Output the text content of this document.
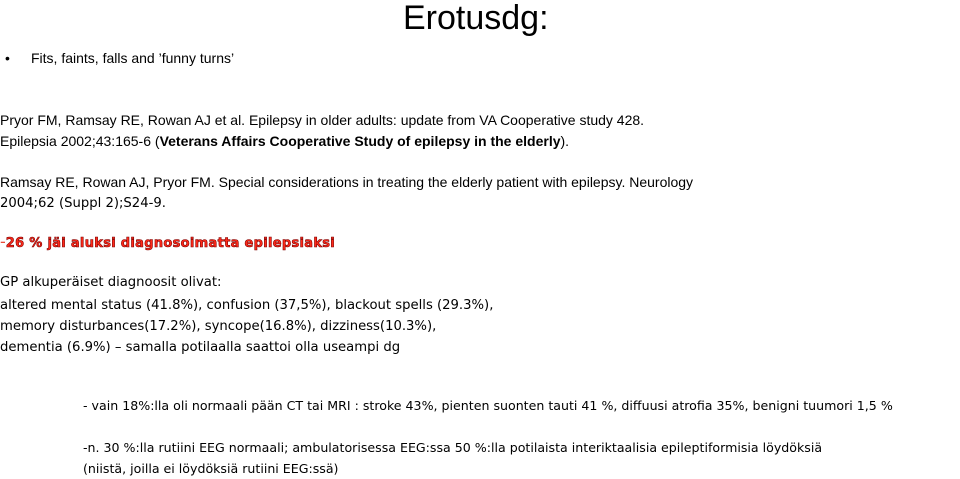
Erotusdg:
• Fits, faints, falls and ’funny turns’
Pryor FM, Ramsay RE, Rowan AJ et al. Epilepsy in older adults: update from VA Cooperative study 428.
Epilepsia 2002;43:165-6 (Veterans Affairs Cooperative Study of epilepsy in the elderly).
Ramsay RE, Rowan AJ, Pryor FM. Special considerations in treating the elderly patient with epilepsy. Neurology
2004;62 (Suppl 2);S24-9.
-26 % jäi aluksi diagnosoimatta epilepsiaksi
GP alkuperäiset diagnoosit olivat:
altered mental status (41.8%), confusion (37,5%), blackout spells (29.3%),
memory disturbances(17.2%), syncope(16.8%), dizziness(10.3%),
dementia (6.9%) – samalla potilaalla saattoi olla useampi dg
- vain 18%:lla oli normaali pään CT tai MRI : stroke 43%, pienten suonten tauti 41 %, diffuusi atrofia 35%, benigni tuumori 1,5 %
-n. 30 %:lla rutiini EEG normaali; ambulatorisessa EEG:ssa 50 %:lla potilaista interiktaalisia epileptiformisia löydöksiä
(niistä, joilla ei löydöksiä rutiini EEG:ssä)
